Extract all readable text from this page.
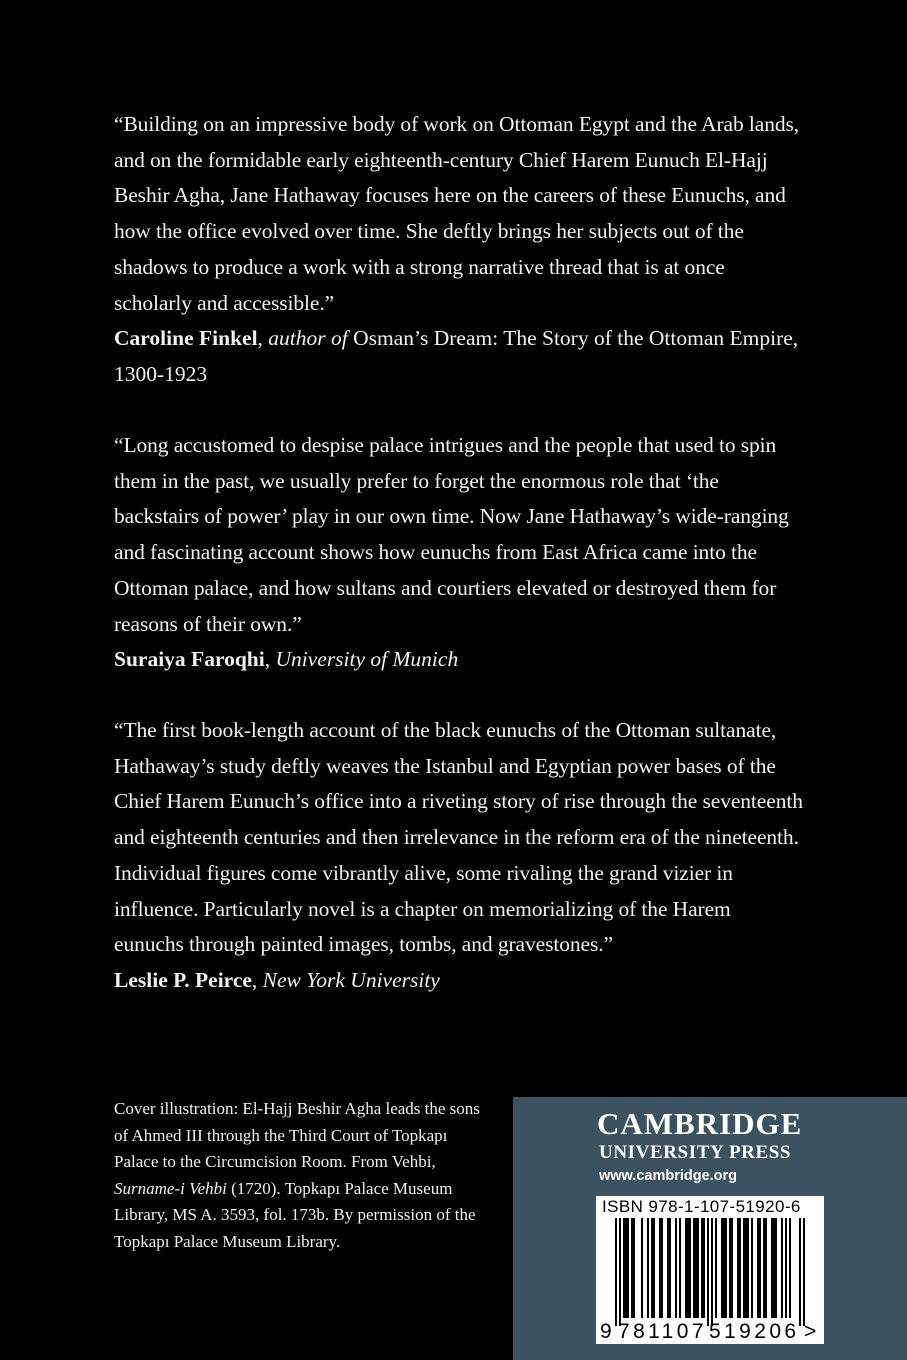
“Building on an impressive body of work on Ottoman Egypt and the Arab lands, and on the formidable early eighteenth-century Chief Harem Eunuch El-Hajj Beshir Agha, Jane Hathaway focuses here on the careers of these Eunuchs, and how the office evolved over time. She deftly brings her subjects out of the shadows to produce a work with a strong narrative thread that is at once scholarly and accessible.”

Caroline Finkel, author of Osman’s Dream: The Story of the Ottoman Empire, 1300-1923

“Long accustomed to despise palace intrigues and the people that used to spin them in the past, we usually prefer to forget the enormous role that ‘the backstairs of power’ play in our own time. Now Jane Hathaway’s wide-ranging and fascinating account shows how eunuchs from East Africa came into the Ottoman palace, and how sultans and courtiers elevated or destroyed them for reasons of their own.”

Suraiya Faroqhi, University of Munich

“The first book-length account of the black eunuchs of the Ottoman sultanate, Hathaway’s study deftly weaves the Istanbul and Egyptian power bases of the Chief Harem Eunuch’s office into a riveting story of rise through the seventeenth and eighteenth centuries and then irrelevance in the reform era of the nineteenth. Individual figures come vibrantly alive, some rivaling the grand vizier in influence. Particularly novel is a chapter on memorializing of the Harem eunuchs through painted images, tombs, and gravestones.”

Leslie P. Peirce, New York University

Cover illustration: El-Hajj Beshir Agha leads the sons of Ahmed III through the Third Court of Topkapı Palace to the Circumcision Room. From Vehbi, Surname-i Vehbi (1720). Topkapı Palace Museum Library, MS A. 3593, fol. 173b. By permission of the Topkapı Palace Museum Library.

CAMBRIDGE
UNIVERSITY PRESS
www.cambridge.org
ISBN 978-1-107-51920-6
9 781107 519206 >
